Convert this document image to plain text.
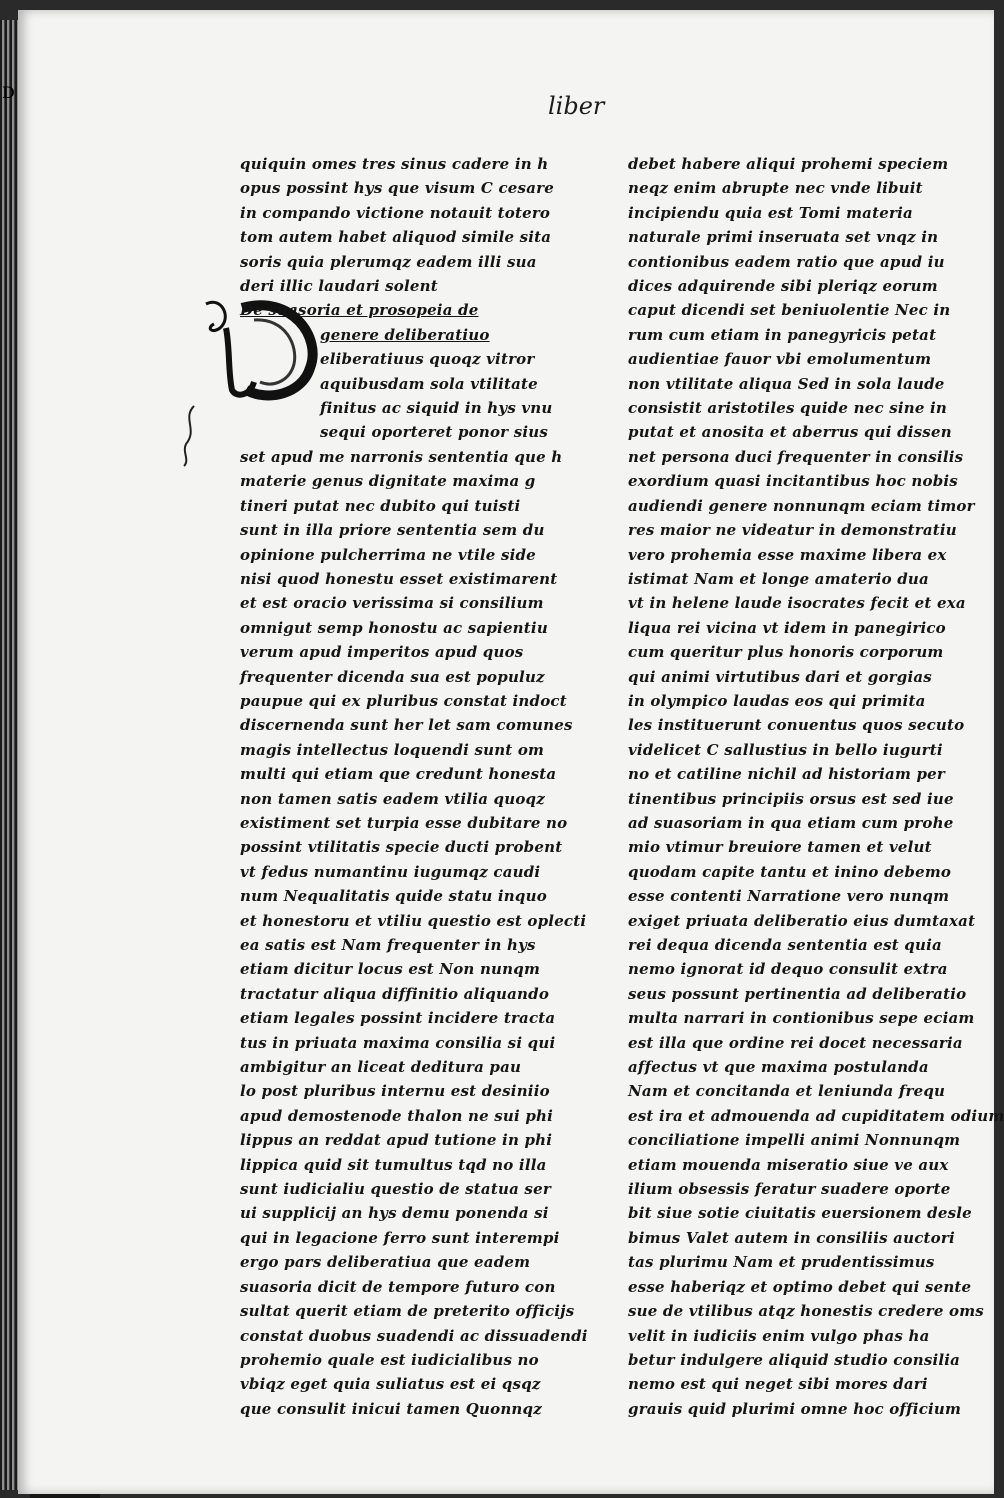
liber
D
quiquin omes tres sinus cadere in h
opus possint hys que visum C cesare
in compando victione notauit totero
tom autem habet aliquod simile sita
soris quia plerumqz eadem illi sua
deri illic laudari solent
De suasoria et prosopeia de
genere deliberatiuo
eliberatiuus quoqz vitror
aquibusdam sola vtilitate
finitus ac siquid in hys vnu
sequi oporteret ponor sius
set apud me narronis sententia que h
materie genus dignitate maxima g
tineri putat nec dubito qui tuisti
sunt in illa priore sententia sem du
opinione pulcherrima ne vtile side
nisi quod honestu esset existimarent
et est oracio verissima si consilium
omnigut semp honostu ac sapientiu
verum apud imperitos apud quos
frequenter dicenda sua est populuz
paupue qui ex pluribus constat indoct
discernenda sunt her let sam comunes
magis intellectus loquendi sunt om
multi qui etiam que credunt honesta
non tamen satis eadem vtilia quoqz
existiment set turpia esse dubitare no
possint vtilitatis specie ducti probent
vt fedus numantinu iugumqz caudi
num Nequalitatis quide statu inquo
et honestoru et vtiliu questio est oplecti
ea satis est Nam frequenter in hys
etiam dicitur locus est Non nunqm
tractatur aliqua diffinitio aliquando
etiam legales possint incidere tracta
tus in priuata maxima consilia si qui
ambigitur an liceat deditura pau
lo post pluribus internu est desiniio
apud demostenode thalon ne sui phi
lippus an reddat apud tutione in phi
lippica quid sit tumultus tqd no illa
sunt iudicialiu questio de statua ser
ui supplicij an hys demu ponenda si
qui in legacione ferro sunt interempi
ergo pars deliberatiua que eadem
suasoria dicit de tempore futuro con
sultat querit etiam de preterito officijs
constat duobus suadendi ac dissuadendi
prohemio quale est iudicialibus no
vbiqz eget quia suliatus est ei qsqz
que consulit inicui tamen Quonnqz
debet habere aliqui prohemi speciem
neqz enim abrupte nec vnde libuit
incipiendu quia est Tomi materia
naturale primi inseruata set vnqz in
contionibus eadem ratio que apud iu
dices adquirende sibi pleriqz eorum
caput dicendi set beniuolentie Nec in
rum cum etiam in panegyricis petat
audientiae fauor vbi emolumentum
non vtilitate aliqua Sed in sola laude
consistit aristotiles quide nec sine in
putat et anosita et aberrus qui dissen
net persona duci frequenter in consilis
exordium quasi incitantibus hoc nobis
audiendi genere nonnunqm eciam timor
res maior ne videatur in demonstratiu
vero prohemia esse maxime libera ex
istimat Nam et longe amaterio dua
vt in helene laude isocrates fecit et exa
liqua rei vicina vt idem in panegirico
cum queritur plus honoris corporum
qui animi virtutibus dari et gorgias
in olympico laudas eos qui primita
les instituerunt conuentus quos secuto
videlicet C sallustius in bello iugurti
no et catiline nichil ad historiam per
tinentibus principiis orsus est sed iue
ad suasoriam in qua etiam cum prohe
mio vtimur breuiore tamen et velut
quodam capite tantu et inino debemo
esse contenti Narratione vero nunqm
exiget priuata deliberatio eius dumtaxat
rei dequa dicenda sententia est quia
nemo ignorat id dequo consulit extra
seus possunt pertinentia ad deliberatio
multa narrari in contionibus sepe eciam
est illa que ordine rei docet necessaria
affectus vt que maxima postulanda
Nam et concitanda et leniunda frequ
est ira et admouenda ad cupiditatem odium
conciliatione impelli animi Nonnunqm
etiam mouenda miseratio siue ve aux
ilium obsessis feratur suadere oporte
bit siue sotie ciuitatis euersionem desle
bimus Valet autem in consiliis auctori
tas plurimu Nam et prudentissimus
esse haberiqz et optimo debet qui sente
sue de vtilibus atqz honestis credere oms
velit in iudiciis enim vulgo phas ha
betur indulgere aliquid studio consilia
nemo est qui neget sibi mores dari
grauis quid plurimi omne hoc officium
